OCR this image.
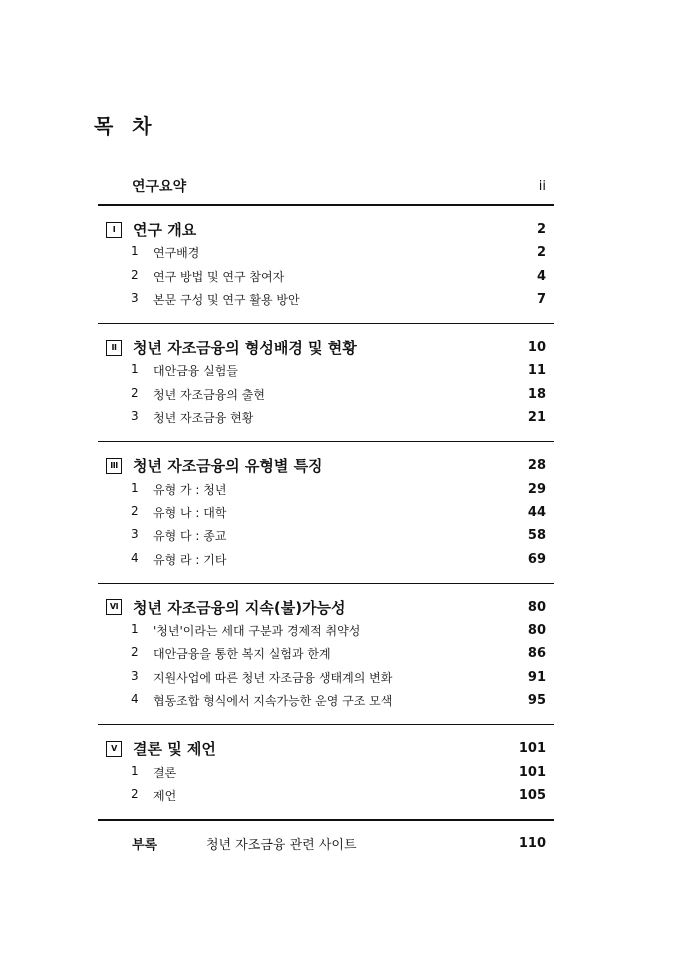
목 차
연구요약	ii
I	연구 개요	2
1	연구배경	2
2	연구 방법 및 연구 참여자	4
3	본문 구성 및 연구 활용 방안	7
II	청년 자조금융의 형성배경 및 현황	10
1	대안금융 실험들	11
2	청년 자조금융의 출현	18
3	청년 자조금융 현황	21
III 청년 자조금융의 유형별 특징	28
1	유형 가 : 청년	29
2	유형 나 : 대학	44
3	유형 다 : 종교	58
4	유형 라 : 기타	69
VI 청년 자조금융의 지속(불)가능성	80
1	'청년'이라는 세대 구분과 경제적 취약성	80
2	대안금융을 통한 복지 실험과 한계	86
3	지원사업에 따른 청년 자조금융 생태계의 변화	91
4	협동조합 형식에서 지속가능한 운영 구조 모색	95
V	결론 및 제언	101
1	결론	101
2	제언	105
부록	청년 자조금융 관련 사이트	110
